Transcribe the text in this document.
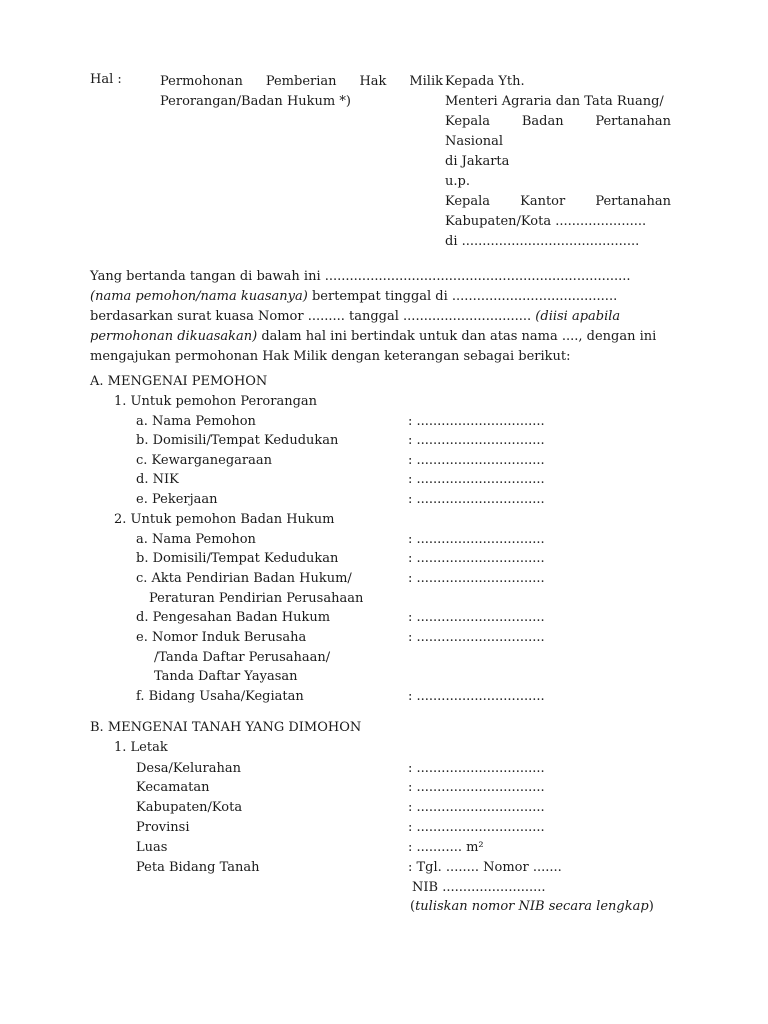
Hal :	Permohonan Pemberian Hak Milik
Perorangan/Badan Hukum *)
Kepada Yth.
Menteri Agraria dan Tata Ruang/
Kepala Badan Pertanahan
Nasional
di Jakarta
u.p.
Kepala Kantor Pertanahan
Kabupaten/Kota ......................
di ...........................................
Yang bertanda tangan di bawah ini ..........................................................................
(nama pemohon/nama kuasanya) bertempat tinggal di ........................................
berdasarkan surat kuasa Nomor ......... tanggal ............................... (diisi apabila
permohonan dikuasakan) dalam hal ini bertindak untuk dan atas nama ...., dengan ini
mengajukan permohonan Hak Milik dengan keterangan sebagai berikut:
A. MENGENAI PEMOHON
1. Untuk pemohon Perorangan
a. Nama Pemohon	: ...............................
b. Domisili/Tempat Kedudukan	: ...............................
c. Kewarganegaraan	: ...............................
d. NIK	: ...............................
e. Pekerjaan	: ...............................
2. Untuk pemohon Badan Hukum
a. Nama Pemohon	: ...............................
b. Domisili/Tempat Kedudukan	: ...............................
c. Akta Pendirian Badan Hukum/	: ...............................
Peraturan Pendirian Perusahaan
d. Pengesahan Badan Hukum	: ...............................
e. Nomor Induk Berusaha	: ...............................
/Tanda Daftar Perusahaan/
Tanda Daftar Yayasan
f. Bidang Usaha/Kegiatan	: ...............................
B. MENGENAI TANAH YANG DIMOHON
1. Letak
Desa/Kelurahan	: ...............................
Kecamatan	: ...............................
Kabupaten/Kota	: ...............................
Provinsi	: ...............................
Luas	: ........... m²
Peta Bidang Tanah	: Tgl. ........ Nomor .......
NIB .........................
(tuliskan nomor NIB secara lengkap)
